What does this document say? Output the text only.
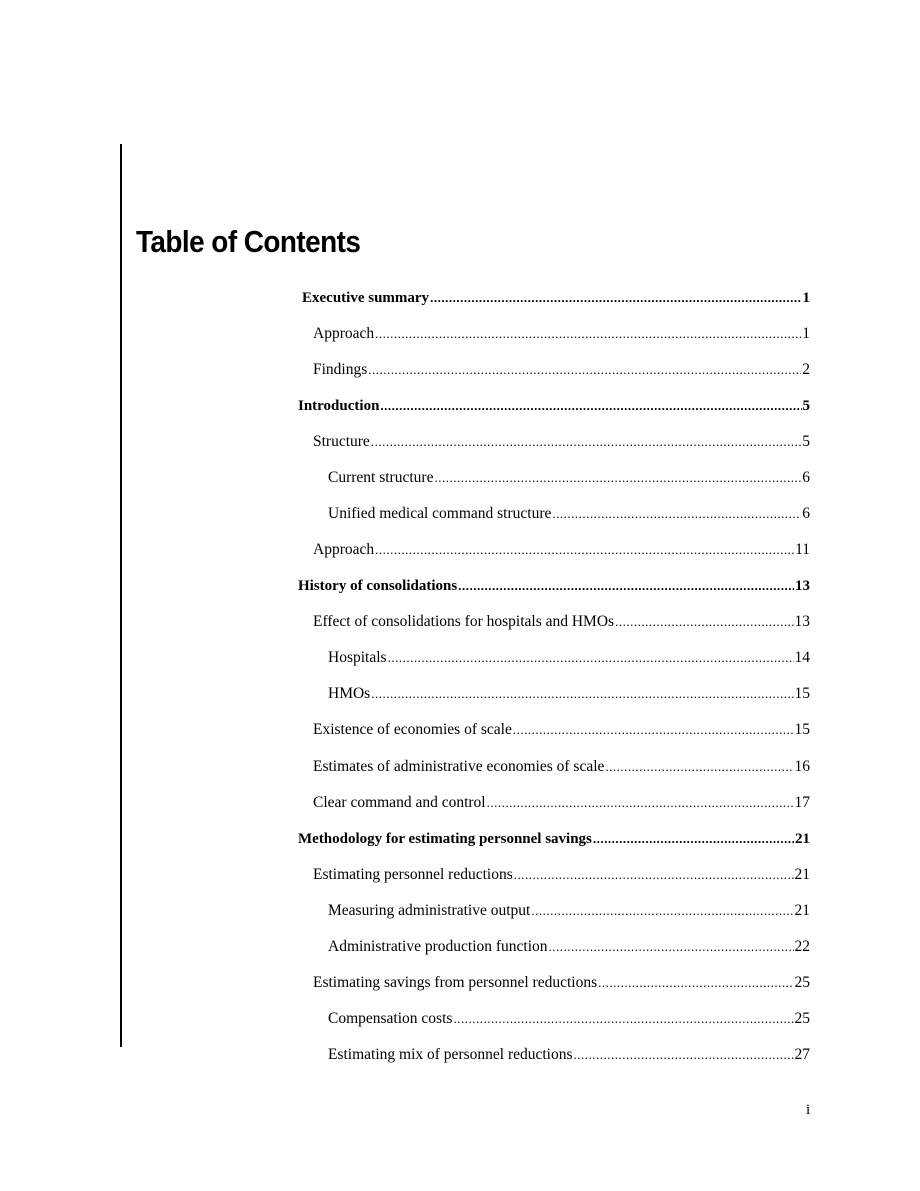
Table of Contents
Executive summary .....	1
Approach .....	1
Findings .....	2
Introduction .....	5
Structure .....	5
Current structure .....	6
Unified medical command structure .....	6
Approach .....	11
History of consolidations .....	13
Effect of consolidations for hospitals and HMOs .....	13
Hospitals .....	14
HMOs .....	15
Existence of economies of scale .....	15
Estimates of administrative economies of scale .....	16
Clear command and control .....	17
Methodology for estimating personnel savings .....	21
Estimating personnel reductions .....	21
Measuring administrative output .....	21
Administrative production function .....	22
Estimating savings from personnel reductions .....	25
Compensation costs .....	25
Estimating mix of personnel reductions .....	27
i
